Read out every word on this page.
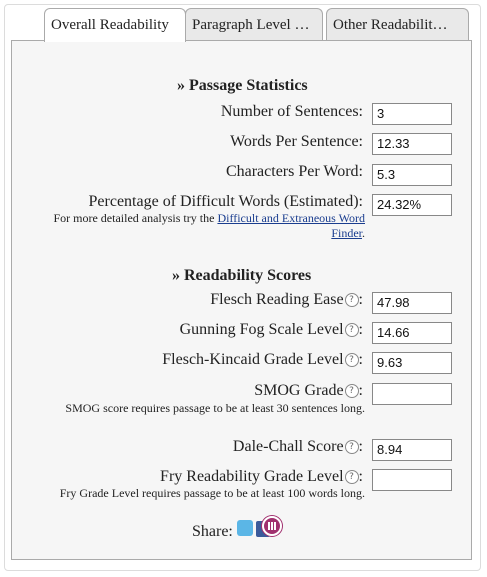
Overall Readability	Paragraph Level …	Other Readabilit…
» Passage Statistics
Number of Sentences:	3
Words Per Sentence:	12.33
Characters Per Word:	5.3
Percentage of Difficult Words (Estimated):	24.32%
For more detailed analysis try the Difficult and Extraneous Word Finder.
» Readability Scores
Flesch Reading Ease ? :	47.98
Gunning Fog Scale Level ? :	14.66
Flesch-Kincaid Grade Level ? :	9.63
SMOG Grade ? :
SMOG score requires passage to be at least 30 sentences long.
Dale-Chall Score ? :	8.94
Fry Readability Grade Level ? :
Fry Grade Level requires passage to be at least 100 words long.
Share:
